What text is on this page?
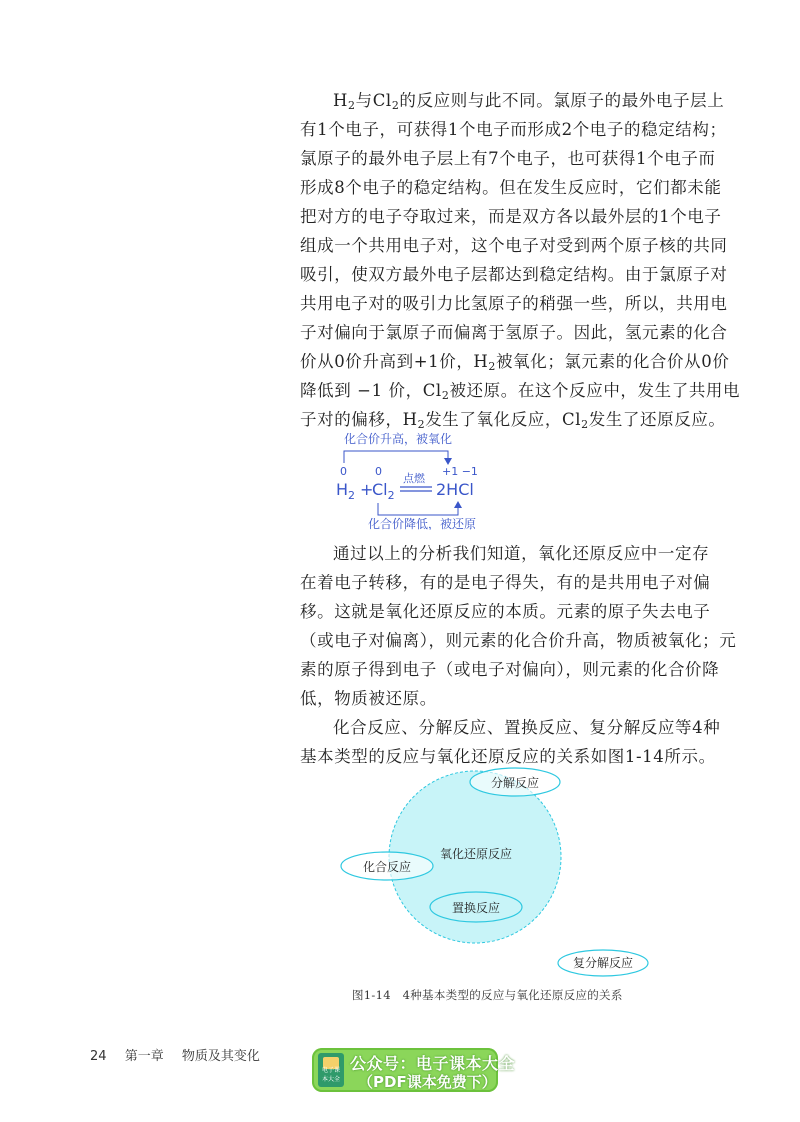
$H_2$与$Cl_2$的反应则与此不同。氯原子的最外电子层上
有1个电子，可获得1个电子而形成2个电子的稳定结构；
氯原子的最外电子层上有7个电子，也可获得1个电子而
形成8个电子的稳定结构。但在发生反应时，它们都未能
把对方的电子夺取过来，而是双方各以最外层的1个电子
组成一个共用电子对，这个电子对受到两个原子核的共同
吸引，使双方最外电子层都达到稳定结构。由于氯原子对
共用电子对的吸引力比氢原子的稍强一些，所以，共用电
子对偏向于氯原子而偏离于氢原子。因此，氢元素的化合
价从0价升高到+1价，$H_2$被氧化；氯元素的化合价从0价
降低到 −1 价，$Cl_2$被还原。在这个反应中，发生了共用电
子对的偏移，$H_2$发生了氧化反应，$Cl_2$发生了还原反应。
化合价升高，被氧化
0	0	+1 −1
点燃
$H_2$ +
$Cl_2$	2HCl
化合价降低，被还原
通过以上的分析我们知道，氧化还原反应中一定存
在着电子转移，有的是电子得失，有的是共用电子对偏
移。这就是氧化还原反应的本质。元素的原子失去电子
（或电子对偏离），则元素的化合价升高，物质被氧化；元
素的原子得到电子（或电子对偏向），则元素的化合价降
低，物质被还原。
化合反应、分解反应、置换反应、复分解反应等4种
基本类型的反应与氧化还原反应的关系如图1-14所示。
氧化还原反应
分解反应
化合反应
置换反应
复分解反应
图1-14　4种基本类型的反应与氧化还原反应的关系
24 第一章 物质及其变化
电子课本大全
公众号：电子课本大全
（PDF课本免费下）
